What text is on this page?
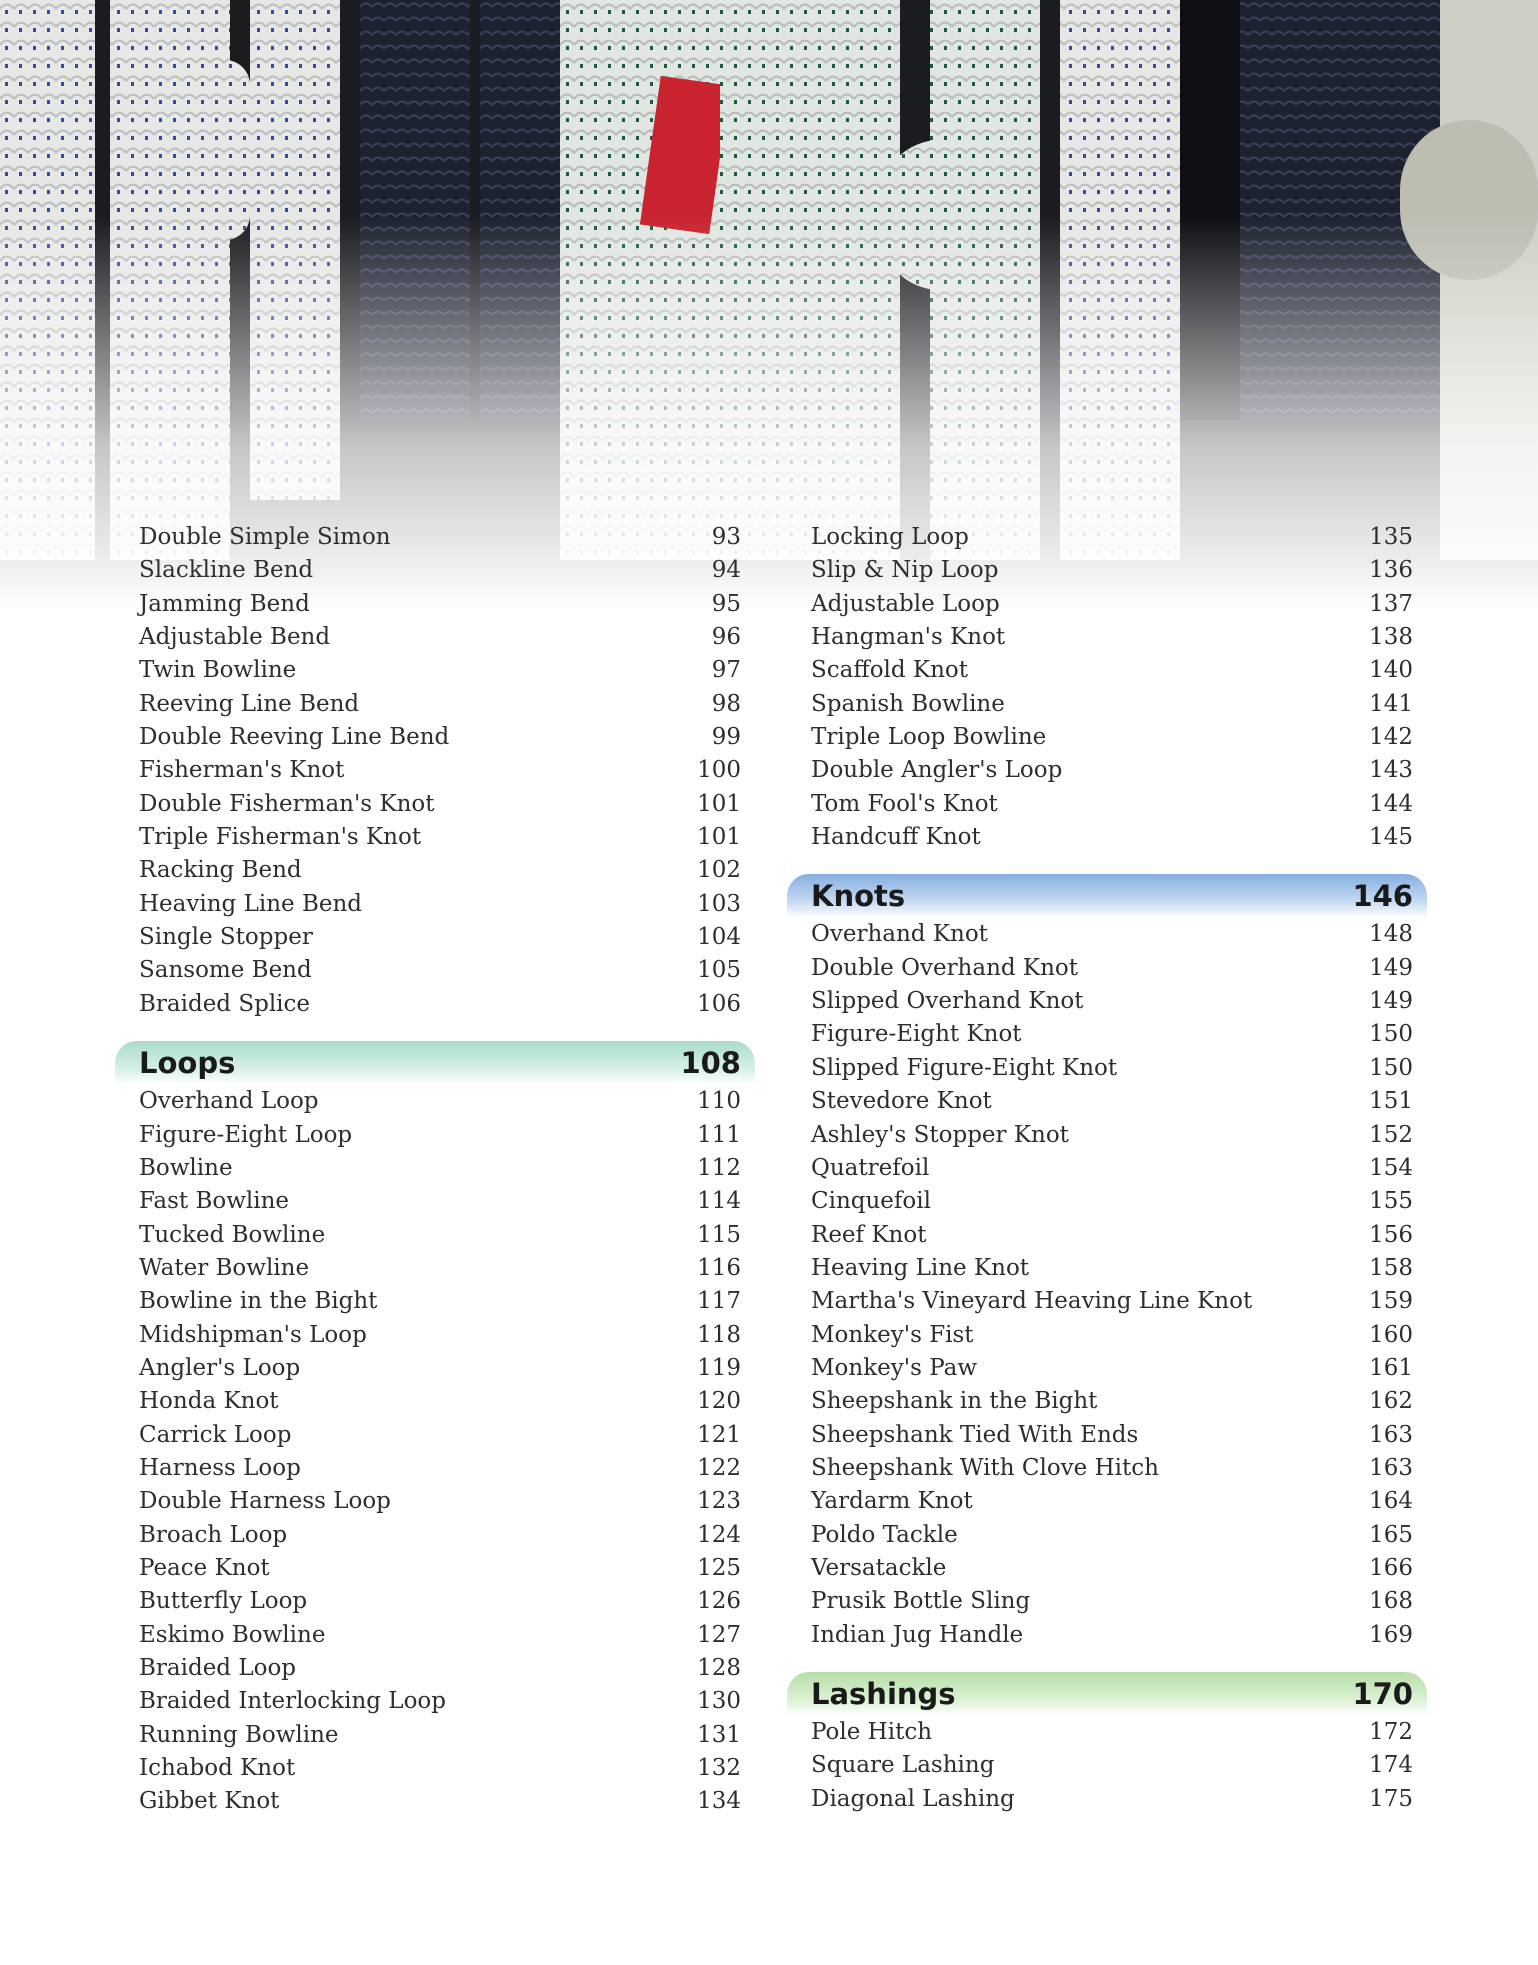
Double Simple Simon	93
Slackline Bend	94
Jamming Bend	95
Adjustable Bend	96
Twin Bowline	97
Reeving Line Bend	98
Double Reeving Line Bend	99
Fisherman's Knot	100
Double Fisherman's Knot	101
Triple Fisherman's Knot	101
Racking Bend	102
Heaving Line Bend	103
Single Stopper	104
Sansome Bend	105
Braided Splice	106
Loops	108
Overhand Loop	110
Figure-Eight Loop	111
Bowline	112
Fast Bowline	114
Tucked Bowline	115
Water Bowline	116
Bowline in the Bight	117
Midshipman's Loop	118
Angler's Loop	119
Honda Knot	120
Carrick Loop	121
Harness Loop	122
Double Harness Loop	123
Broach Loop	124
Peace Knot	125
Butterfly Loop	126
Eskimo Bowline	127
Braided Loop	128
Braided Interlocking Loop	130
Running Bowline	131
Ichabod Knot	132
Gibbet Knot	134
Locking Loop	135
Slip & Nip Loop	136
Adjustable Loop	137
Hangman's Knot	138
Scaffold Knot	140
Spanish Bowline	141
Triple Loop Bowline	142
Double Angler's Loop	143
Tom Fool's Knot	144
Handcuff Knot	145
Knots	146
Overhand Knot	148
Double Overhand Knot	149
Slipped Overhand Knot	149
Figure-Eight Knot	150
Slipped Figure-Eight Knot	150
Stevedore Knot	151
Ashley's Stopper Knot	152
Quatrefoil	154
Cinquefoil	155
Reef Knot	156
Heaving Line Knot	158
Martha's Vineyard Heaving Line Knot	159
Monkey's Fist	160
Monkey's Paw	161
Sheepshank in the Bight	162
Sheepshank Tied With Ends	163
Sheepshank With Clove Hitch	163
Yardarm Knot	164
Poldo Tackle	165
Versatackle	166
Prusik Bottle Sling	168
Indian Jug Handle	169
Lashings	170
Pole Hitch	172
Square Lashing	174
Diagonal Lashing	175
